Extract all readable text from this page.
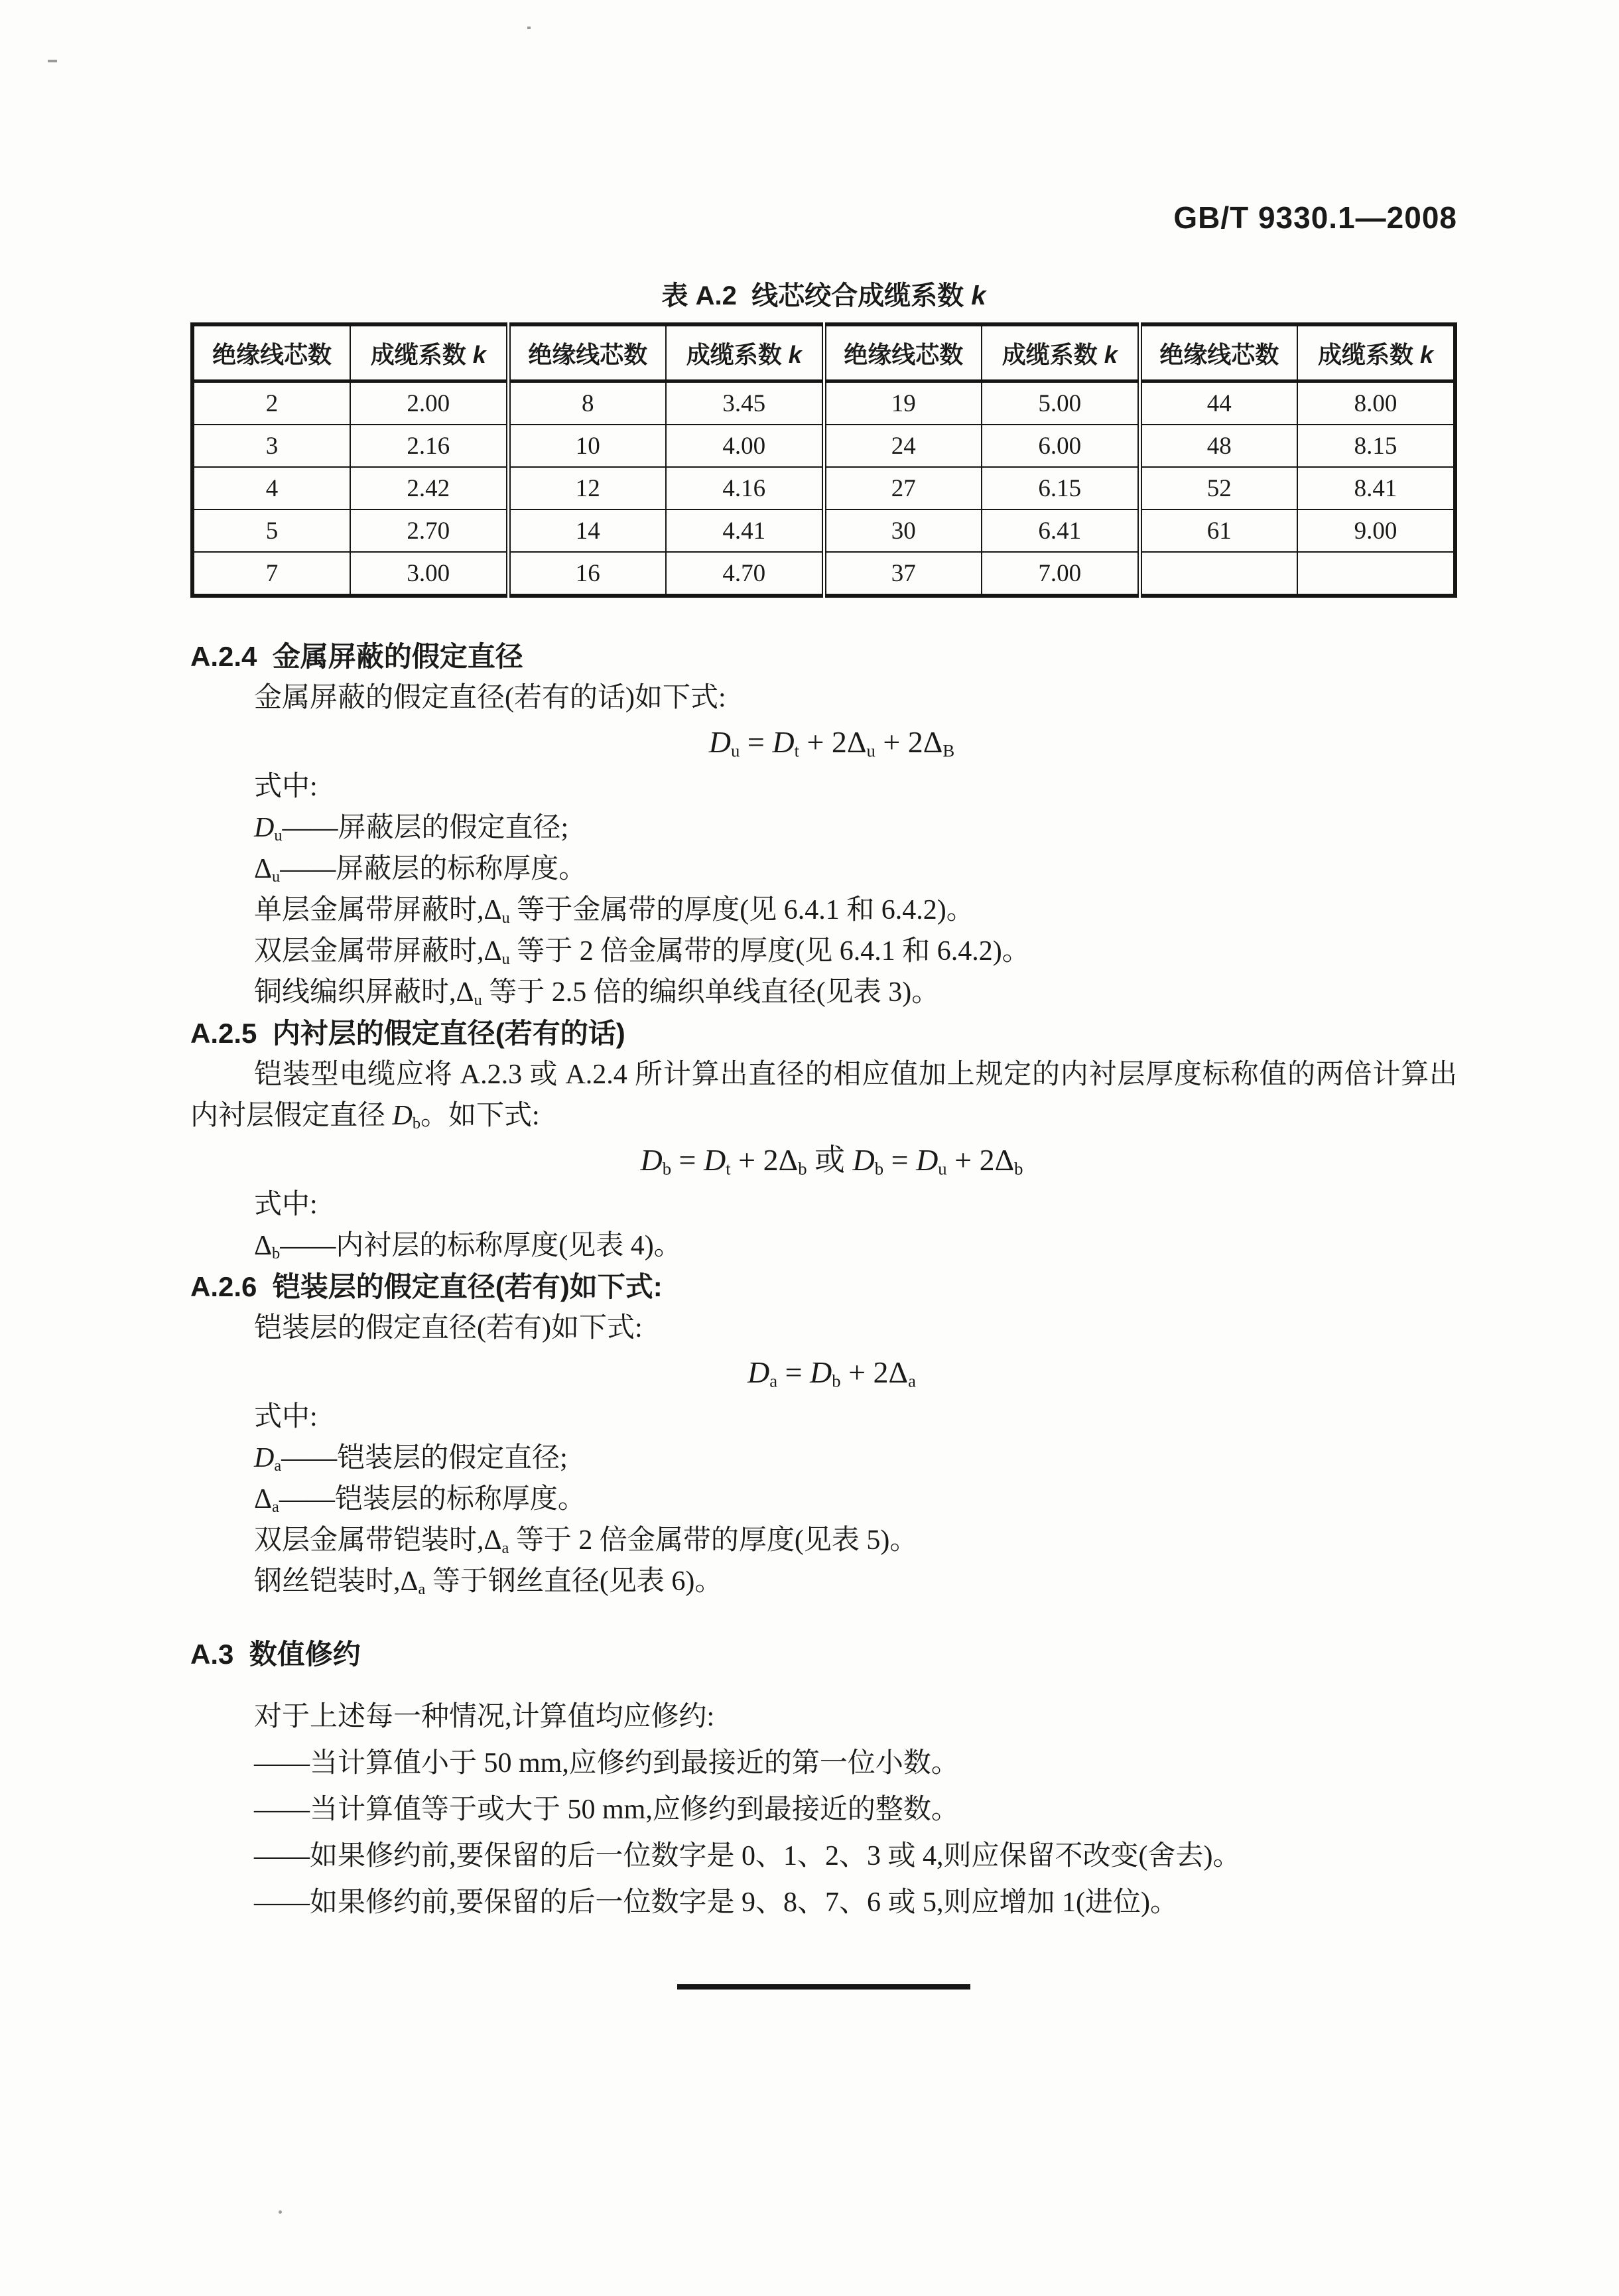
GB/T 9330.1—2008
表 A.2  线芯绞合成缆系数 k
绝缘线芯数	成缆系数 k	绝缘线芯数	成缆系数 k	绝缘线芯数	成缆系数 k	绝缘线芯数	成缆系数 k
2	2.00	8	3.45	19	5.00	44	8.00
3	2.16	10	4.00	24	6.00	48	8.15
4	2.42	12	4.16	27	6.15	52	8.41
5	2.70	14	4.41	30	6.41	61	9.00
7	3.00	16	4.70	37	7.00		
A.2.4  金属屏蔽的假定直径

金属屏蔽的假定直径(若有的话)如下式:

$D_u = D_t + 2\Delta_u + 2\Delta_B$

式中:

$D_u——$屏蔽层的假定直径;

$\Delta_u——$屏蔽层的标称厚度。

单层金属带屏蔽时$,\Delta_u$ 等于金属带的厚度(见 6.4.1 和 6.4.2)。

双层金属带屏蔽时$,\Delta_u$ 等于 2 倍金属带的厚度(见 6.4.1 和 6.4.2)。

铜线编织屏蔽时$,\Delta_u$ 等于 2.5 倍的编织单线直径(见表 3)。

A.2.5  内衬层的假定直径(若有的话)

铠装型电缆应将 A.2.3 或 A.2.4 所计算出直径的相应值加上规定的内衬层厚度标称值的两倍计算出内衬层假定直径 $D_b$。如下式:

$D_b = D_t + 2\Delta_b$ 或 $D_b = D_u + 2\Delta_b$

式中:

$\Delta_b——$内衬层的标称厚度(见表 4)。

A.2.6  铠装层的假定直径(若有)如下式:

铠装层的假定直径(若有)如下式:

$D_a = D_b + 2\Delta_a$

式中:

$D_a——$铠装层的假定直径;

$\Delta_a——$铠装层的标称厚度。

双层金属带铠装时$,\Delta_a$ 等于 2 倍金属带的厚度(见表 5)。

钢丝铠装时$,\Delta_a$ 等于钢丝直径(见表 6)。

A.3  数值修约

对于上述每一种情况,计算值均应修约:

——当计算值小于 50 mm,应修约到最接近的第一位小数。

——当计算值等于或大于 50 mm,应修约到最接近的整数。

——如果修约前,要保留的后一位数字是 0、1、2、3 或 4,则应保留不改变(舍去)。

——如果修约前,要保留的后一位数字是 9、8、7、6 或 5,则应增加 1(进位)。
